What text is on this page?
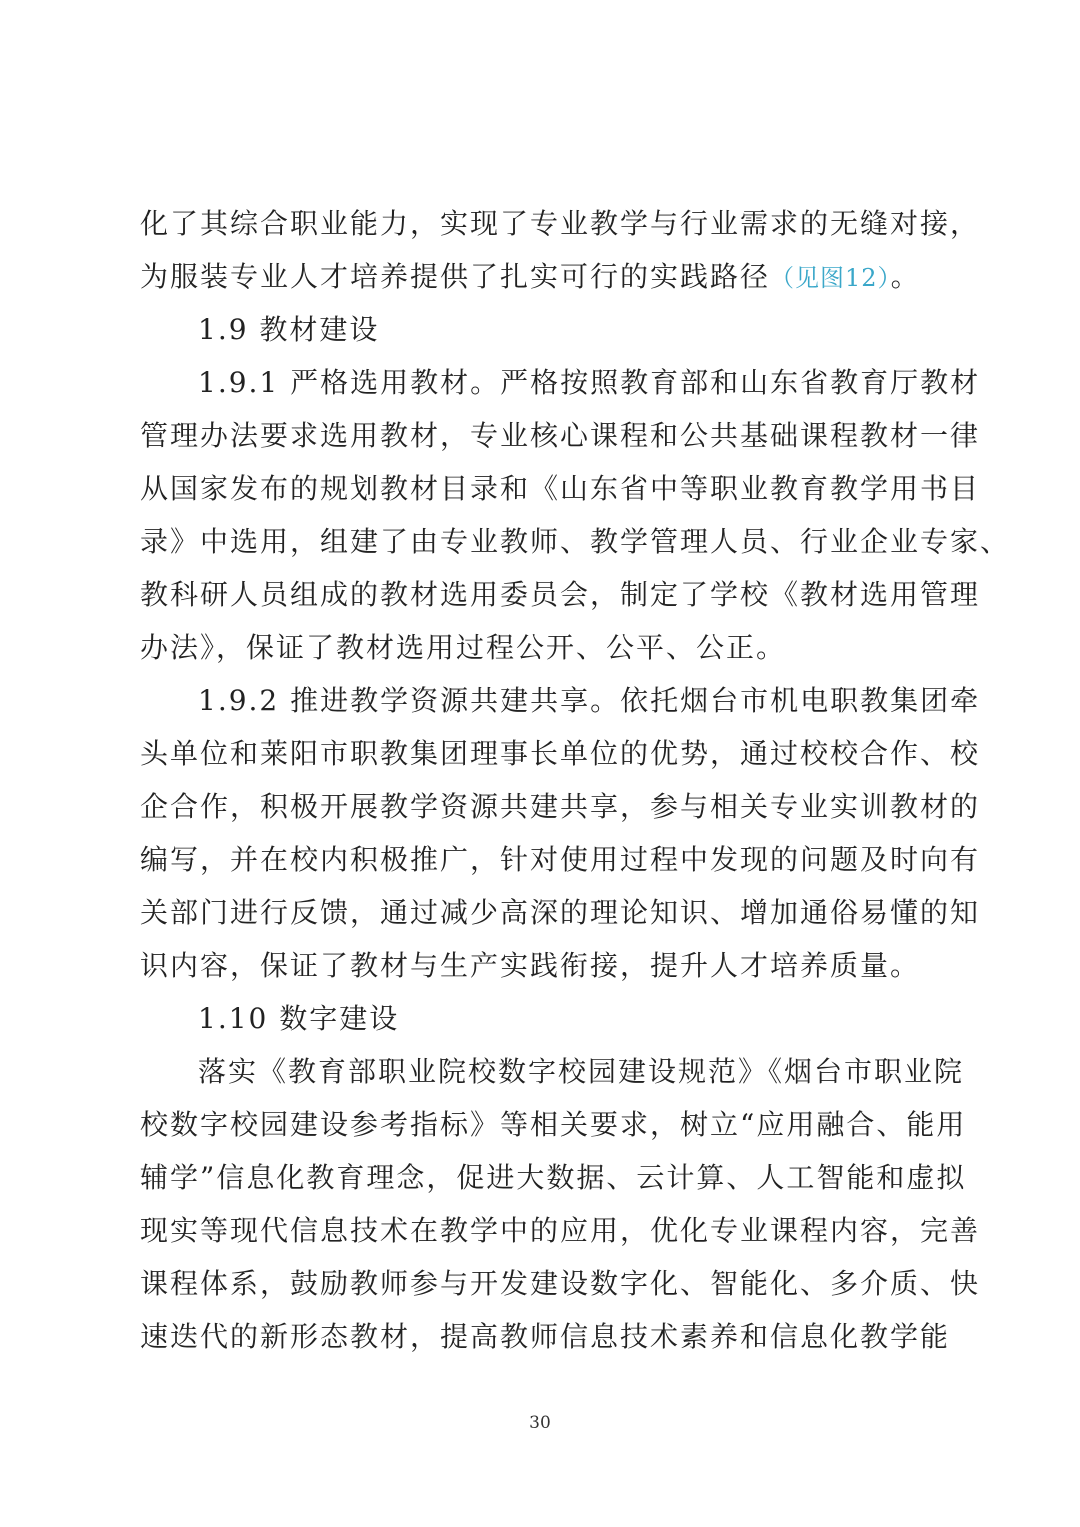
化了其综合职业能力，实现了专业教学与行业需求的无缝对接，
为服装专业人才培养提供了扎实可行的实践路径（见图12）。
1.9 教材建设
1.9.1 严格选用教材。严格按照教育部和山东省教育厅教材
管理办法要求选用教材，专业核心课程和公共基础课程教材一律
从国家发布的规划教材目录和《山东省中等职业教育教学用书目
录》中选用，组建了由专业教师、教学管理人员、行业企业专家、
教科研人员组成的教材选用委员会，制定了学校《教材选用管理
办法》，保证了教材选用过程公开、公平、公正。
1.9.2 推进教学资源共建共享。依托烟台市机电职教集团牵
头单位和莱阳市职教集团理事长单位的优势，通过校校合作、校
企合作，积极开展教学资源共建共享，参与相关专业实训教材的
编写，并在校内积极推广，针对使用过程中发现的问题及时向有
关部门进行反馈，通过减少高深的理论知识、增加通俗易懂的知
识内容，保证了教材与生产实践衔接，提升人才培养质量。
1.10 数字建设
落实《教育部职业院校数字校园建设规范》《烟台市职业院
校数字校园建设参考指标》等相关要求，树立“应用融合、能用
辅学”信息化教育理念，促进大数据、云计算、人工智能和虚拟
现实等现代信息技术在教学中的应用，优化专业课程内容，完善
课程体系，鼓励教师参与开发建设数字化、智能化、多介质、快
速迭代的新形态教材，提高教师信息技术素养和信息化教学能
30
